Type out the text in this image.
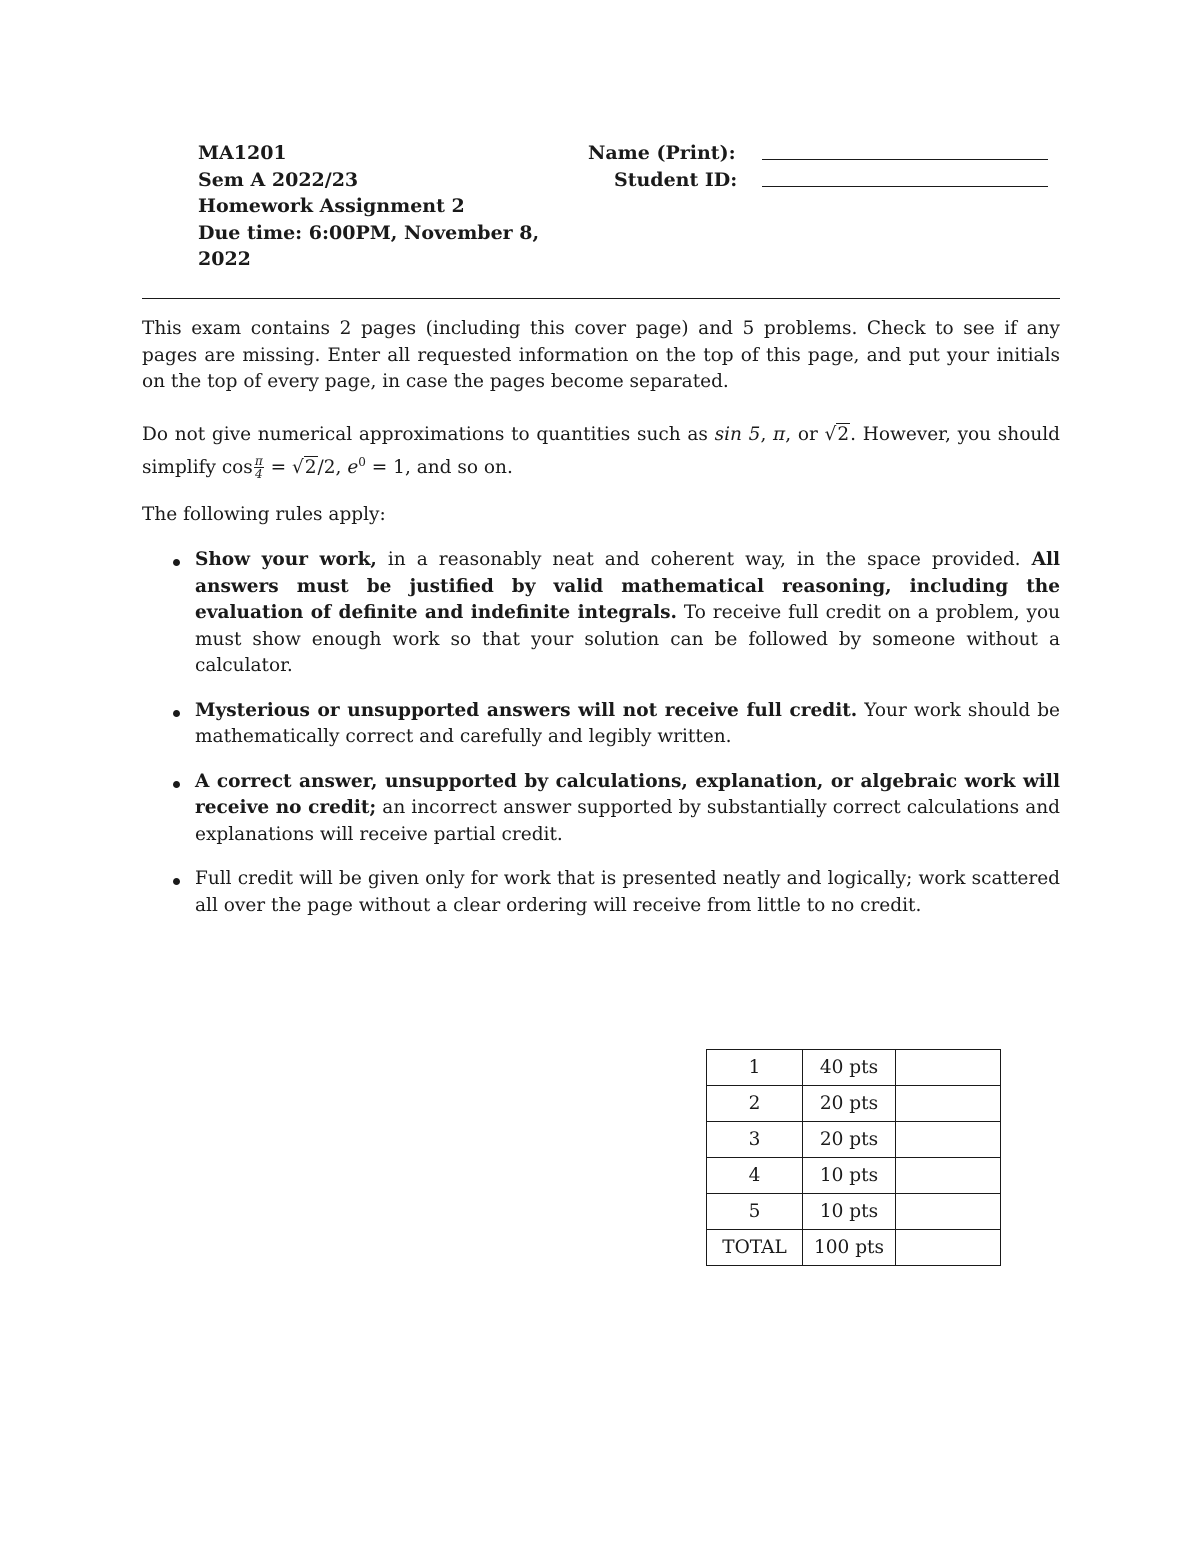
MA1201
Sem A 2022/23
Homework Assignment 2
Due time: 6:00PM, November 8,
2022
Name (Print):
Student ID:
This exam contains 2 pages (including this cover page) and 5 problems. Check to see if any pages are missing. Enter all requested information on the top of this page, and put your initials on the top of every page, in case the pages become separated.
Do not give numerical approximations to quantities such as sin 5, π, or √2. However, you should simplify $\cos \frac{\pi}{4} = √2/2$, $e^0 = 1$, and so on.
The following rules apply:
Show your work, in a reasonably neat and coherent way, in the space provided. All answers must be justified by valid mathematical reasoning, including the evaluation of definite and indefinite integrals. To receive full credit on a problem, you must show enough work so that your solution can be followed by someone without a calculator.
Mysterious or unsupported answers will not receive full credit. Your work should be mathematically correct and carefully and legibly written.
A correct answer, unsupported by calculations, explanation, or algebraic work will receive no credit; an incorrect answer supported by substantially correct calculations and explanations will receive partial credit.
Full credit will be given only for work that is presented neatly and logically; work scattered all over the page without a clear ordering will receive from little to no credit.
1	40 pts	
2	20 pts	
3	20 pts	
4	10 pts	
5	10 pts	
TOTAL	100 pts	
